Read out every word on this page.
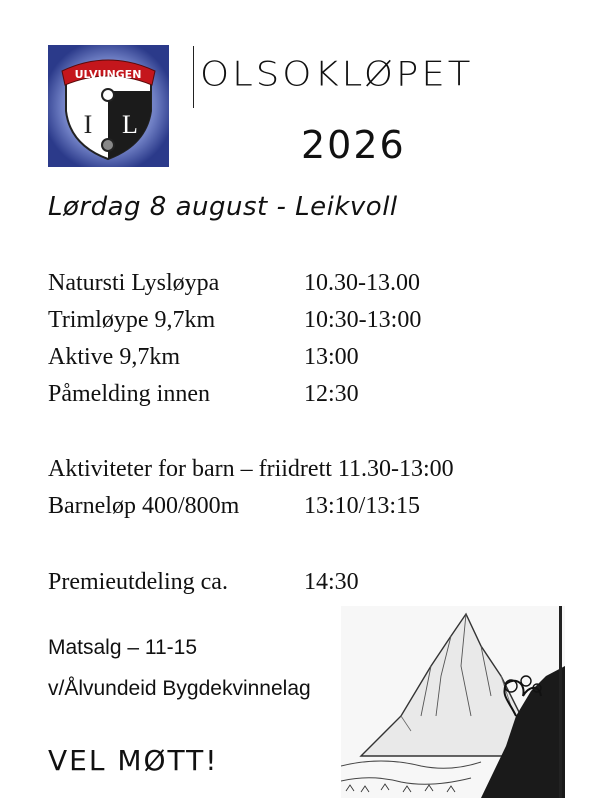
ULVUNGEN
I L
OLSOKLØPET
2026
Lørdag 8 august - Leikvoll
Natursti Lysløypa	10.30-13.00
Trimløype 9,7km	10:30-13:00
Aktive 9,7km	13:00
Påmelding innen	12:30
Aktiviteter for barn – friidrett 11.30-13:00
Barneløp 400/800m	13:10/13:15
Premieutdeling ca.	14:30
Matsalg – 11-15
v/Ålvundeid Bygdekvinnelag
VEL MØTT!
